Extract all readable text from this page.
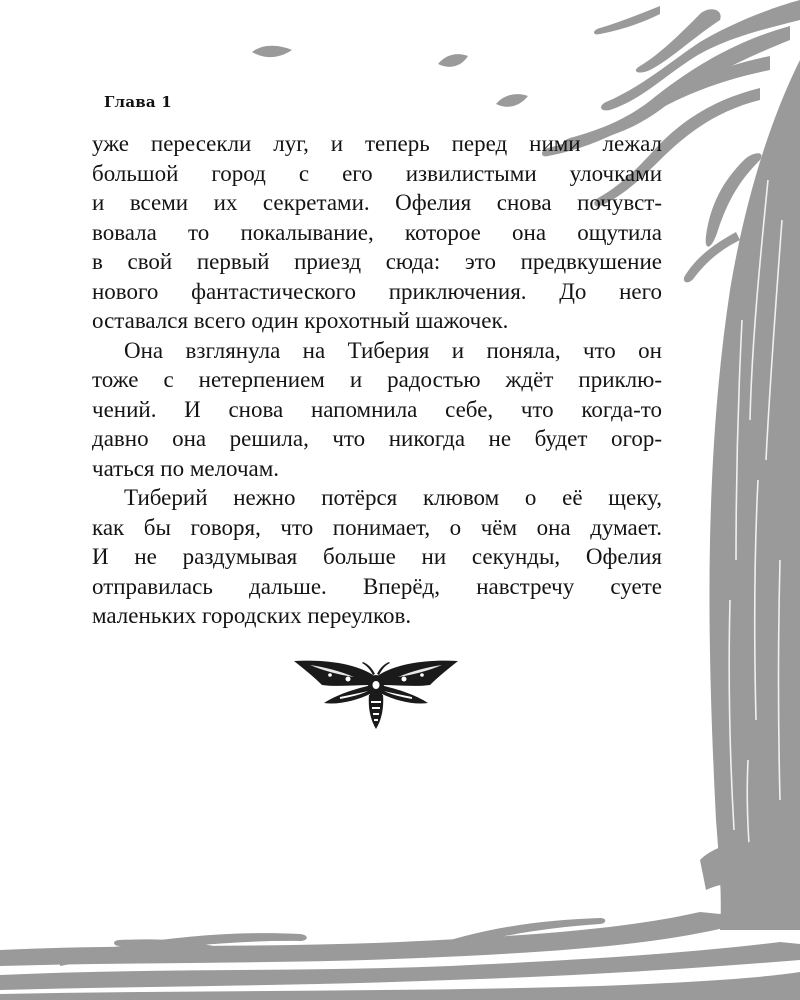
Глава 1
уже пересекли луг, и теперь перед ними лежал
большой город с его извилистыми улочками
и всеми их секретами. Офелия снова почувст-
вовала то покалывание, которое она ощутила
в свой первый приезд сюда: это предвкушение
нового фантастического приключения. До него
оставался всего один крохотный шажочек.
Она взглянула на Тиберия и поняла, что он
тоже с нетерпением и радостью ждёт приклю-
чений. И снова напомнила себе, что когда-то
давно она решила, что никогда не будет огор-
чаться по мелочам.
Тиберий нежно потёрся клювом о её щеку,
как бы говоря, что понимает, о чём она думает.
И не раздумывая больше ни секунды, Офелия
отправилась дальше. Вперёд, навстречу суете
маленьких городских переулков.
